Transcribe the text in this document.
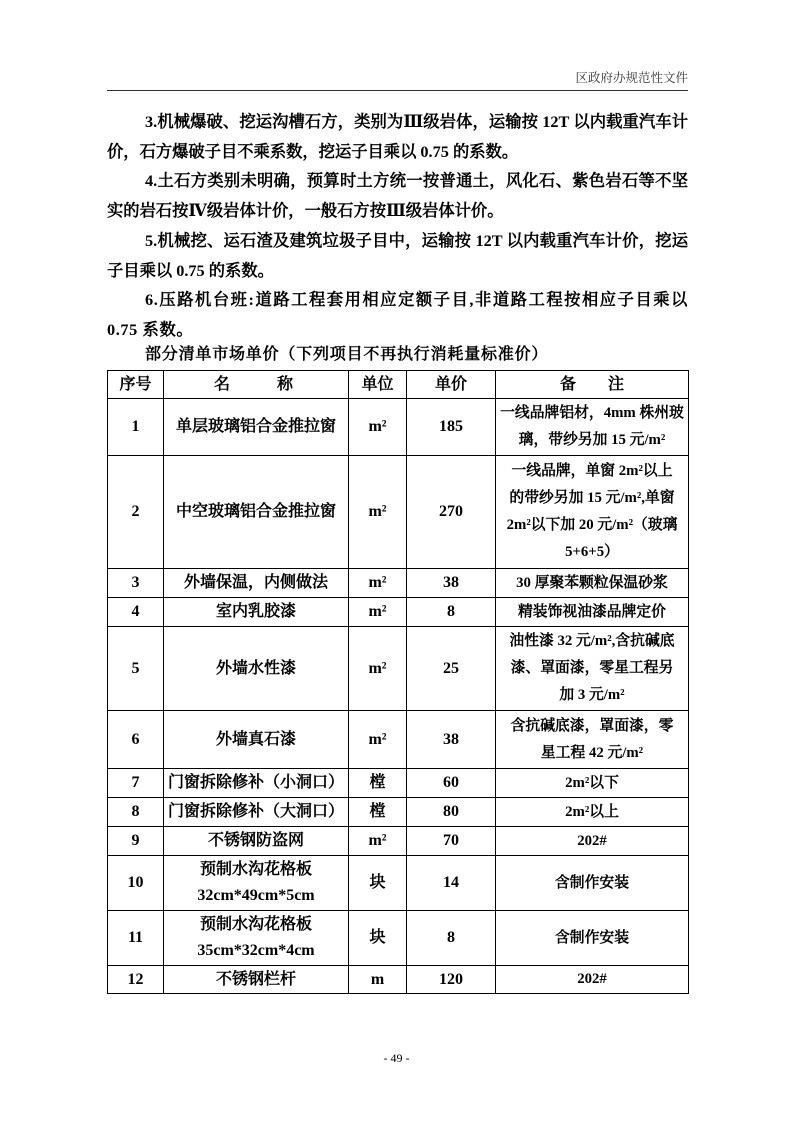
区政府办规范性文件

3.机械爆破、挖运沟槽石方，类别为Ⅲ级岩体，运输按 12T 以内载重汽车计价，石方爆破子目不乘系数，挖运子目乘以 0.75 的系数。

4.土石方类别未明确，预算时土方统一按普通土，风化石、紫色岩石等不坚实的岩石按Ⅳ级岩体计价，一般石方按Ⅲ级岩体计价。

5.机械挖、运石渣及建筑垃圾子目中，运输按 12T 以内载重汽车计价，挖运子目乘以 0.75 的系数。

6.压路机台班:道路工程套用相应定额子目,非道路工程按相应子目乘以 0.75 系数。

部分清单市场单价（下列项目不再执行消耗量标准价）
序号	名　　称	单位	单价	备　　注
1	单层玻璃铝合金推拉窗	m²	185	一线品牌铝材，4mm 株州玻
璃，带纱另加 15 元/m²
2	中空玻璃铝合金推拉窗	m²	270	一线品牌，单窗 2m²以上
的带纱另加 15 元/m²,单窗
2m²以下加 20 元/m²（玻璃
5+6+5）
3	外墙保温，内侧做法	m²	38	30 厚聚苯颗粒保温砂浆
4	室内乳胶漆	m²	8	精装饰视油漆品牌定价
5	外墙水性漆	m²	25	油性漆 32 元/m²,含抗碱底
漆、罩面漆，零星工程另
加 3 元/m²
6	外墙真石漆	m²	38	含抗碱底漆，罩面漆，零
星工程 42 元/m²
7	门窗拆除修补（小洞口）	樘	60	2m²以下
8	门窗拆除修补（大洞口）	樘	80	2m²以上
9	不锈钢防盗网	m²	70	202#
10	预制水沟花格板
32cm*49cm*5cm	块	14	含制作安装
11	预制水沟花格板
35cm*32cm*4cm	块	8	含制作安装
12	不锈钢栏杆	m	120	202#
- 49 -
